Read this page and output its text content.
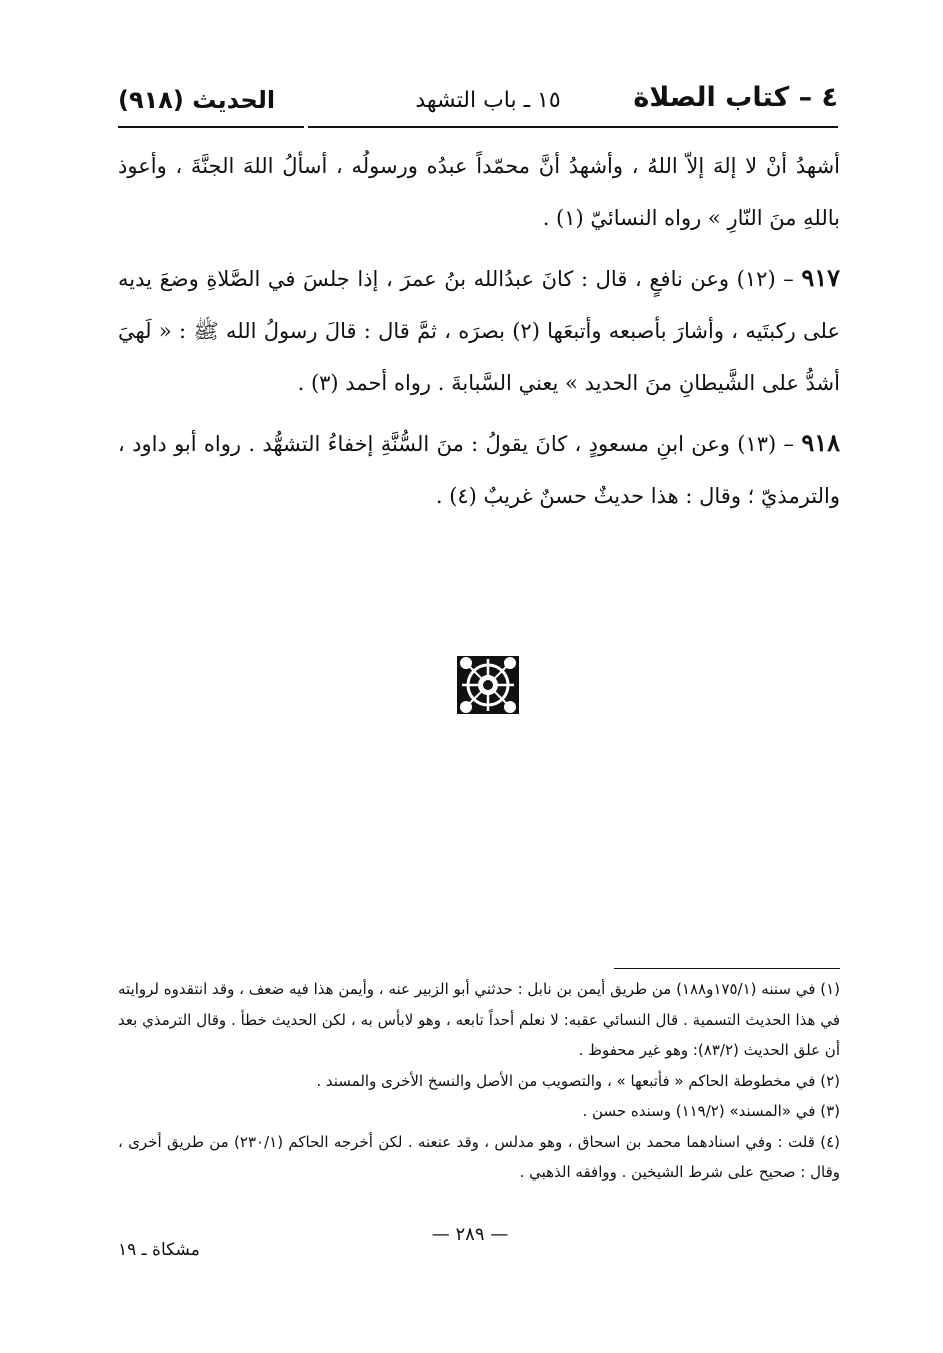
٤ – كتاب الصلاة
١٥ ـ باب التشهد
الحديث (٩١٨)

أشهدُ أنْ لا إلهَ إلاّ اللهُ ، وأشهدُ أنَّ محمّداً عبدُه ورسولُه ، أسألُ اللهَ الجنَّةَ ، وأعوذ باللهِ منَ النّارِ » رواه النسائيّ (١) .

٩١٧ – (١٢) وعن نافعٍ ، قال : كانَ عبدُالله بنُ عمرَ ، إذا جلسَ في الصَّلاةِ وضعَ يديه على ركبتَيه ، وأشارَ بأصبعه وأتبعَها (٢) بصرَه ، ثمَّ قال : قالَ رسولُ الله ﷺ : « لَهيَ أشدُّ على الشَّيطانِ منَ الحديد » يعني السَّبابةَ . رواه أحمد (٣) .

٩١٨ – (١٣) وعن ابنِ مسعودٍ ، كانَ يقولُ : منَ السُّنَّةِ إخفاءُ التشهُّد . رواه أبو داود ، والترمذيّ ؛ وقال : هذا حديثٌ حسنٌ غريبٌ (٤) .

(١) في سننه (١٧٥/١و١٨٨) من طريق أيمن بن نابل : حدثني أبو الزبير عنه ، وأيمن هذا فيه ضعف ، وقد انتقدوه لروايته في هذا الحديث التسمية . قال النسائي عقبه: لا نعلم أحداً تابعه ، وهو لابأس به ، لكن الحديث خطأ . وقال الترمذي بعد أن علق الحديث (٨٣/٢): وهو غير محفوظ .

(٢) في مخطوطة الحاكم « فأتبعها » ، والتصويب من الأصل والنسخ الأخرى والمسند .

(٣) في «المسند» (١١٩/٢) وسنده حسن .

(٤) قلت : وفي اسنادهما محمد بن اسحاق ، وهو مدلس ، وقد عنعنه . لكن أخرجه الحاكم (٢٣٠/١) من طريق أخرى ، وقال : صحيح على شرط الشيخين . ووافقه الذهبي .

— ٢٨٩ —
مشكاة ـ ١٩
